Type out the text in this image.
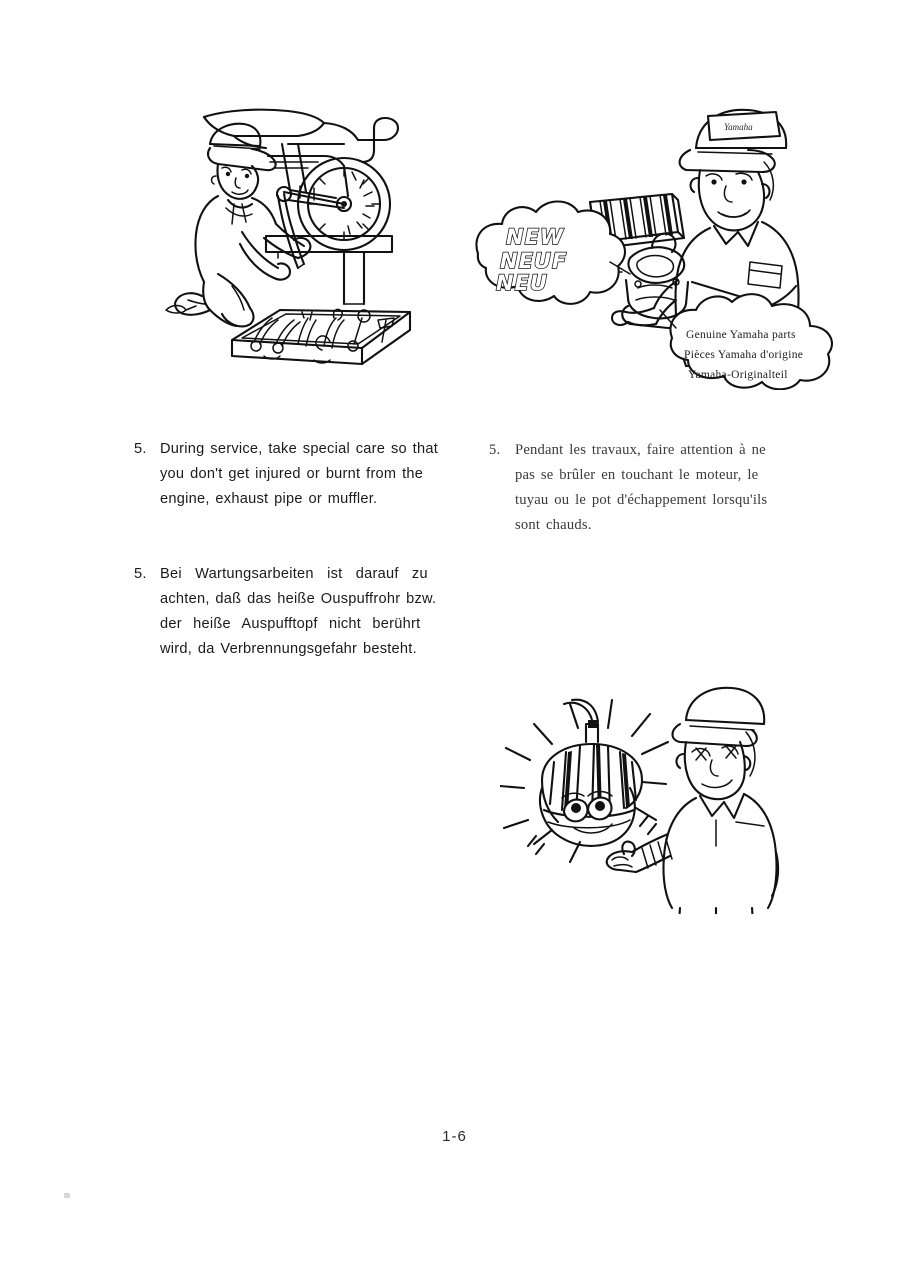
Yamaha
NEW
NEUF
NEU
Genuine Yamaha parts
Pièces Yamaha d'origine
Yamaha-Originalteil
5. During service, take special care so that

you don't get injured or burnt from the

engine, exhaust pipe or muffler.

5.	Pendant les travaux, faire attention à ne

pas se brûler en touchant le moteur, le

tuyau ou le pot d'échappement lorsqu'ils

sont chauds.

5. Bei Wartungsarbeiten ist darauf zu

achten, daß das heiße Ouspuffrohr bzw.

der heiße Auspufftopf nicht berührt

wird, da Verbrennungsgefahr besteht.

1-6
